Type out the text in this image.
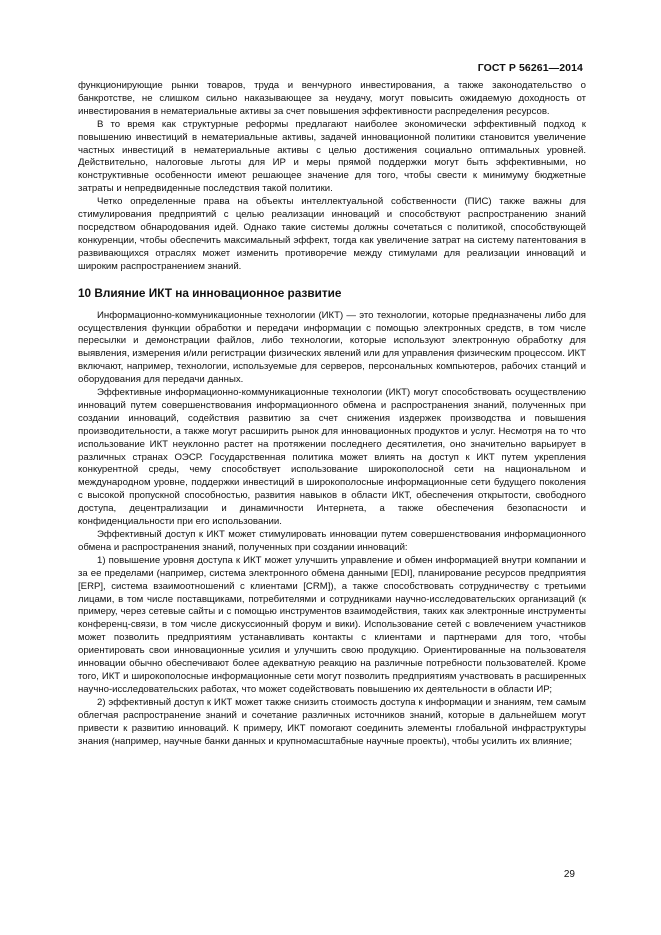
ГОСТ Р 56261—2014

функционирующие рынки товаров, труда и венчурного инвестирования, а также законодательство о банкротстве, не слишком сильно наказывающее за неудачу, могут повысить ожидаемую доходность от инвестирования в нематериальные активы за счет повышения эффективности распределения ресурсов.

В то время как структурные реформы предлагают наиболее экономически эффективный подход к повышению инвестиций в нематериальные активы, задачей инновационной политики становится увеличение частных инвестиций в нематериальные активы с целью достижения социально оптимальных уровней. Действительно, налоговые льготы для ИР и меры прямой поддержки могут быть эффективными, но конструктивные особенности имеют решающее значение для того, чтобы свести к минимуму бюджетные затраты и непредвиденные последствия такой политики.

Четко определенные права на объекты интеллектуальной собственности (ПИС) также важны для стимулирования предприятий с целью реализации инноваций и способствуют распространению знаний посредством обнародования идей. Однако такие системы должны сочетаться с политикой, способствующей конкуренции, чтобы обеспечить максимальный эффект, тогда как увеличение затрат на систему патентования в развивающихся отраслях может изменить противоречие между стимулами для реализации инноваций и широким распространением знаний.

10 Влияние ИКТ на инновационное развитие

Информационно-коммуникационные технологии (ИКТ) — это технологии, которые предназначены либо для осуществления функции обработки и передачи информации с помощью электронных средств, в том числе пересылки и демонстрации файлов, либо технологии, которые используют электронную обработку для выявления, измерения и/или регистрации физических явлений или для управления физическим процессом. ИКТ включают, например, технологии, используемые для серверов, персональных компьютеров, рабочих станций и оборудования для передачи данных.

Эффективные информационно-коммуникационные технологии (ИКТ) могут способствовать осуществлению инноваций путем совершенствования информационного обмена и распространения знаний, полученных при создании инноваций, содействия развитию за счет снижения издержек производства и повышения производительности, а также могут расширить рынок для инновационных продуктов и услуг. Несмотря на то что использование ИКТ неуклонно растет на протяжении последнего десятилетия, оно значительно варьирует в различных странах ОЭСР. Государственная политика может влиять на доступ к ИКТ путем укрепления конкурентной среды, чему способствует использование широкополосной сети на национальном и международном уровне, поддержки инвестиций в широкополосные информационные сети будущего поколения с высокой пропускной способностью, развития навыков в области ИКТ, обеспечения открытости, свободного доступа, децентрализации и динамичности Интернета, а также обеспечения безопасности и конфиденциальности при его использовании.

Эффективный доступ к ИКТ может стимулировать инновации путем совершенствования информационного обмена и распространения знаний, полученных при создании инноваций:

1) повышение уровня доступа к ИКТ может улучшить управление и обмен информацией внутри компании и за ее пределами (например, система электронного обмена данными [EDI], планирование ресурсов предприятия [ERP], система взаимоотношений с клиентами [CRM]), а также способствовать сотрудничеству с третьими лицами, в том числе поставщиками, потребителями и сотрудниками научно-исследовательских организаций (к примеру, через сетевые сайты и с помощью инструментов взаимодействия, таких как электронные инструменты конференц-связи, в том числе дискуссионный форум и вики). Использование сетей с вовлечением участников может позволить предприятиям устанавливать контакты с клиентами и партнерами для того, чтобы ориентировать свои инновационные усилия и улучшить свою продукцию. Ориентированные на пользователя инновации обычно обеспечивают более адекватную реакцию на различные потребности пользователей. Кроме того, ИКТ и широкополосные информационные сети могут позволить предприятиям участвовать в расширенных научно-исследовательских работах, что может содействовать повышению их деятельности в области ИР;

2) эффективный доступ к ИКТ может также снизить стоимость доступа к информации и знаниям, тем самым облегчая распространение знаний и сочетание различных источников знаний, которые в дальнейшем могут привести к развитию инноваций. К примеру, ИКТ помогают соединить элементы глобальной инфраструктуры знания (например, научные банки данных и крупномасштабные научные проекты), чтобы усилить их влияние;

29
